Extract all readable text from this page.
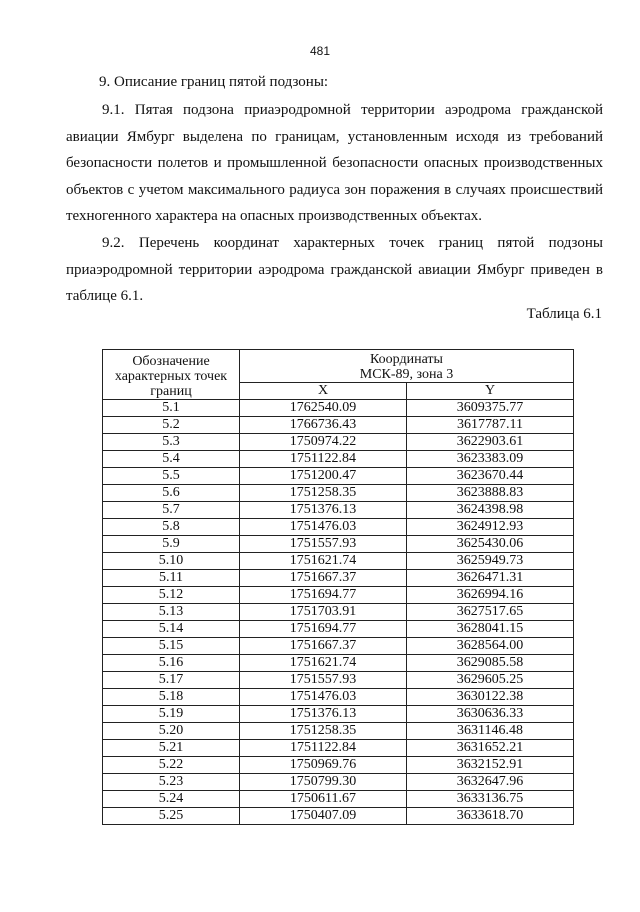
481
9. Описание границ пятой подзоны:
9.1. Пятая подзона приаэродромной территории аэродрома гражданской авиации Ямбург выделена по границам, установленным исходя из требований безопасности полетов и промышленной безопасности опасных производственных объектов с учетом максимального радиуса зон поражения в случаях происшествий техногенного характера на опасных производственных объектах.
9.2. Перечень координат характерных точек границ пятой подзоны приаэродромной территории аэродрома гражданской авиации Ямбург приведен в таблице 6.1.
Таблица 6.1
Обозначение характерных точек границ	Координаты
МСК-89, зона 3	
	X	Y
5.1	1762540.09	3609375.77
5.2	1766736.43	3617787.11
5.3	1750974.22	3622903.61
5.4	1751122.84	3623383.09
5.5	1751200.47	3623670.44
5.6	1751258.35	3623888.83
5.7	1751376.13	3624398.98
5.8	1751476.03	3624912.93
5.9	1751557.93	3625430.06
5.10	1751621.74	3625949.73
5.11	1751667.37	3626471.31
5.12	1751694.77	3626994.16
5.13	1751703.91	3627517.65
5.14	1751694.77	3628041.15
5.15	1751667.37	3628564.00
5.16	1751621.74	3629085.58
5.17	1751557.93	3629605.25
5.18	1751476.03	3630122.38
5.19	1751376.13	3630636.33
5.20	1751258.35	3631146.48
5.21	1751122.84	3631652.21
5.22	1750969.76	3632152.91
5.23	1750799.30	3632647.96
5.24	1750611.67	3633136.75
5.25	1750407.09	3633618.70
